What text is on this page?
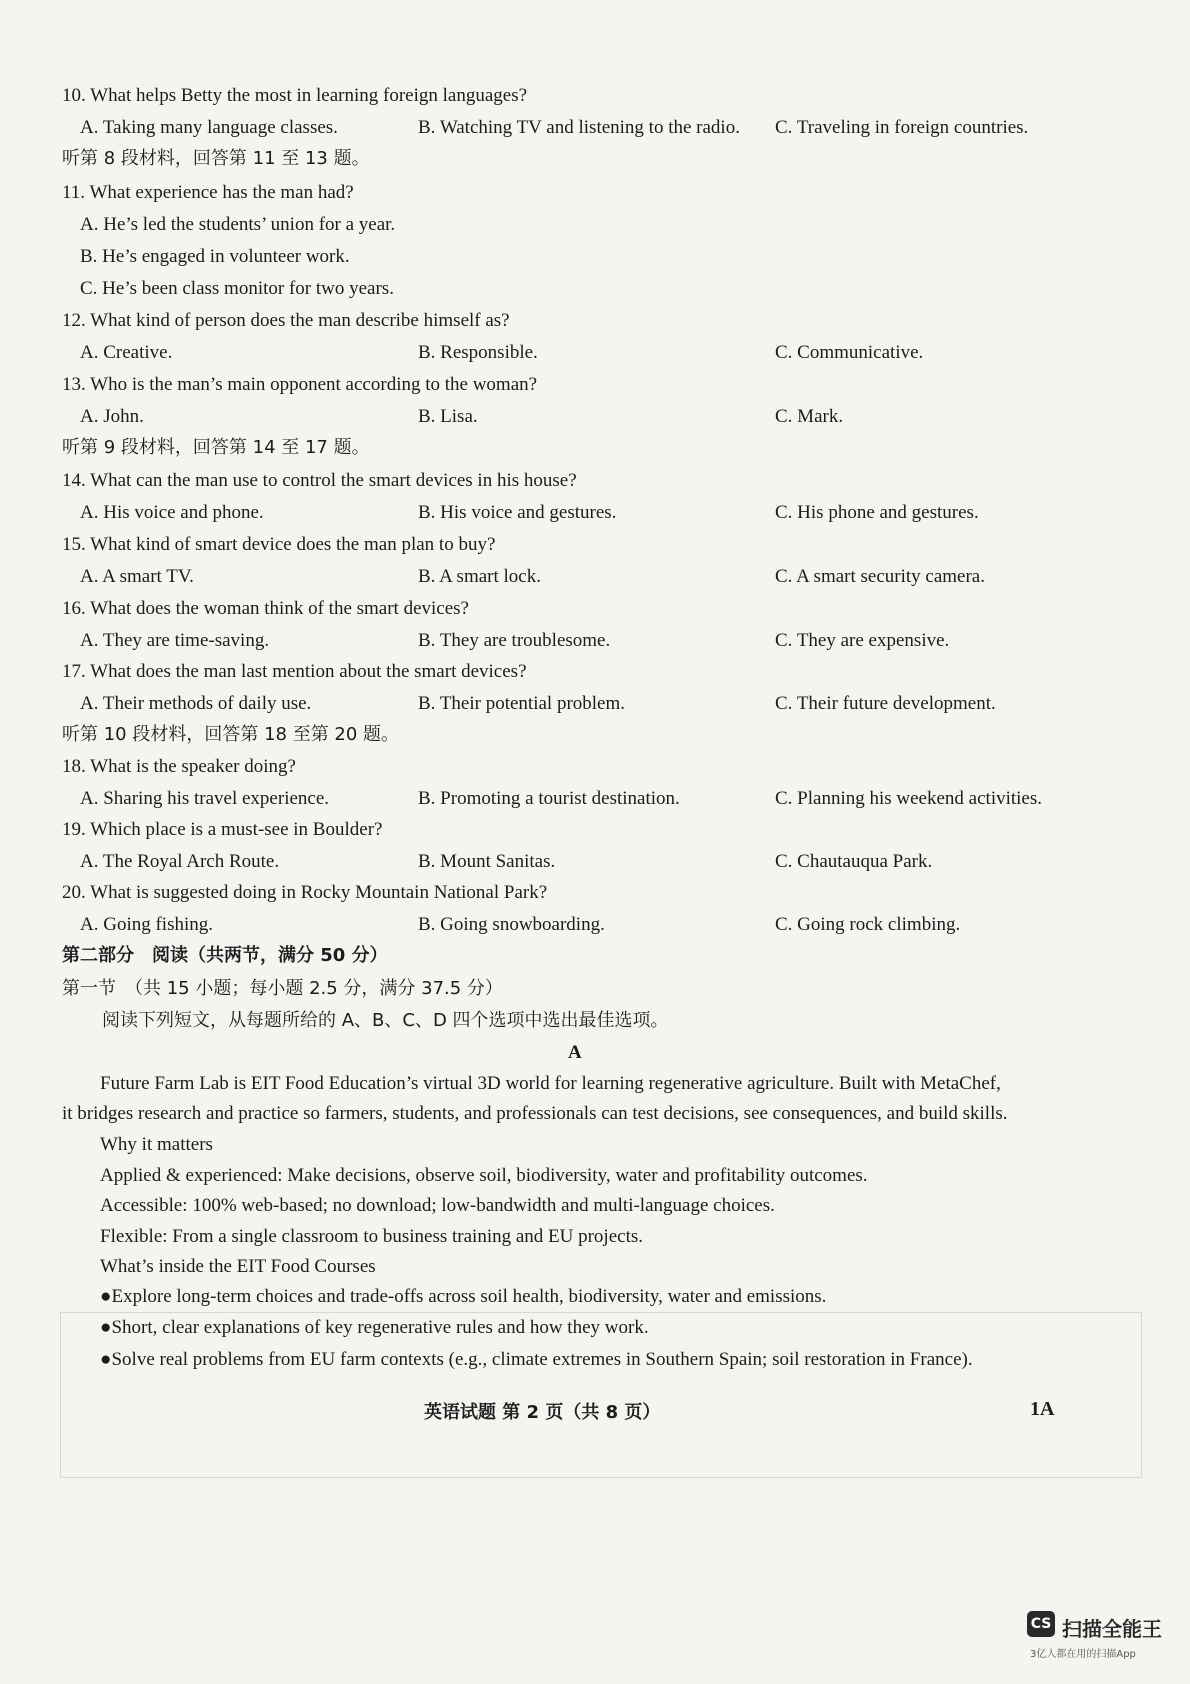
10. What helps Betty the most in learning foreign languages?
A. Taking many language classes.	B. Watching TV and listening to the radio. C. Traveling in foreign countries.
听第 8 段材料，回答第 11 至 13 题。
11. What experience has the man had?
A. He’s led the students’ union for a year.
B. He’s engaged in volunteer work.
C. He’s been class monitor for two years.
12. What kind of person does the man describe himself as?
A. Creative.	B. Responsible.	C. Communicative.
13. Who is the man’s main opponent according to the woman?
A. John.	B. Lisa.	C. Mark.
听第 9 段材料，回答第 14 至 17 题。
14. What can the man use to control the smart devices in his house?
A. His voice and phone.	B. His voice and gestures.	C. His phone and gestures.
15. What kind of smart device does the man plan to buy?
A. A smart TV.	B. A smart lock.	C. A smart security camera.
16. What does the woman think of the smart devices?
A. They are time-saving.	B. They are troublesome.	C. They are expensive.
17. What does the man last mention about the smart devices?
A. Their methods of daily use.	B. Their potential problem.	C. Their future development.
听第 10 段材料，回答第 18 至第 20 题。
18. What is the speaker doing?
A. Sharing his travel experience.	B. Promoting a tourist destination.	C. Planning his weekend activities.
19. Which place is a must-see in Boulder?
A. The Royal Arch Route.	B. Mount Sanitas.	C. Chautauqua Park.
20. What is suggested doing in Rocky Mountain National Park?
A. Going fishing.	B. Going snowboarding.	C. Going rock climbing.
第二部分　阅读（共两节，满分 50 分）
第一节　（共 15 小题；每小题 2.5 分，满分 37.5 分）
阅读下列短文，从每题所给的 A、B、C、D 四个选项中选出最佳选项。
A
Future Farm Lab is EIT Food Education’s virtual 3D world for learning regenerative agriculture. Built with MetaChef,
it bridges research and practice so farmers, students, and professionals can test decisions, see consequences, and build skills.
Why it matters
Applied & experienced: Make decisions, observe soil, biodiversity, water and profitability outcomes.
Accessible: 100% web-based; no download; low-bandwidth and multi-language choices.
Flexible: From a single classroom to business training and EU projects.
What’s inside the EIT Food Courses
●Explore long-term choices and trade-offs across soil health, biodiversity, water and emissions.
●Short, clear explanations of key regenerative rules and how they work.
●Solve real problems from EU farm contexts (e.g., climate extremes in Southern Spain; soil restoration in France).
英语试题 第 2 页（共 8 页）	1A
CS 扫描全能王
3亿人都在用的扫描App
